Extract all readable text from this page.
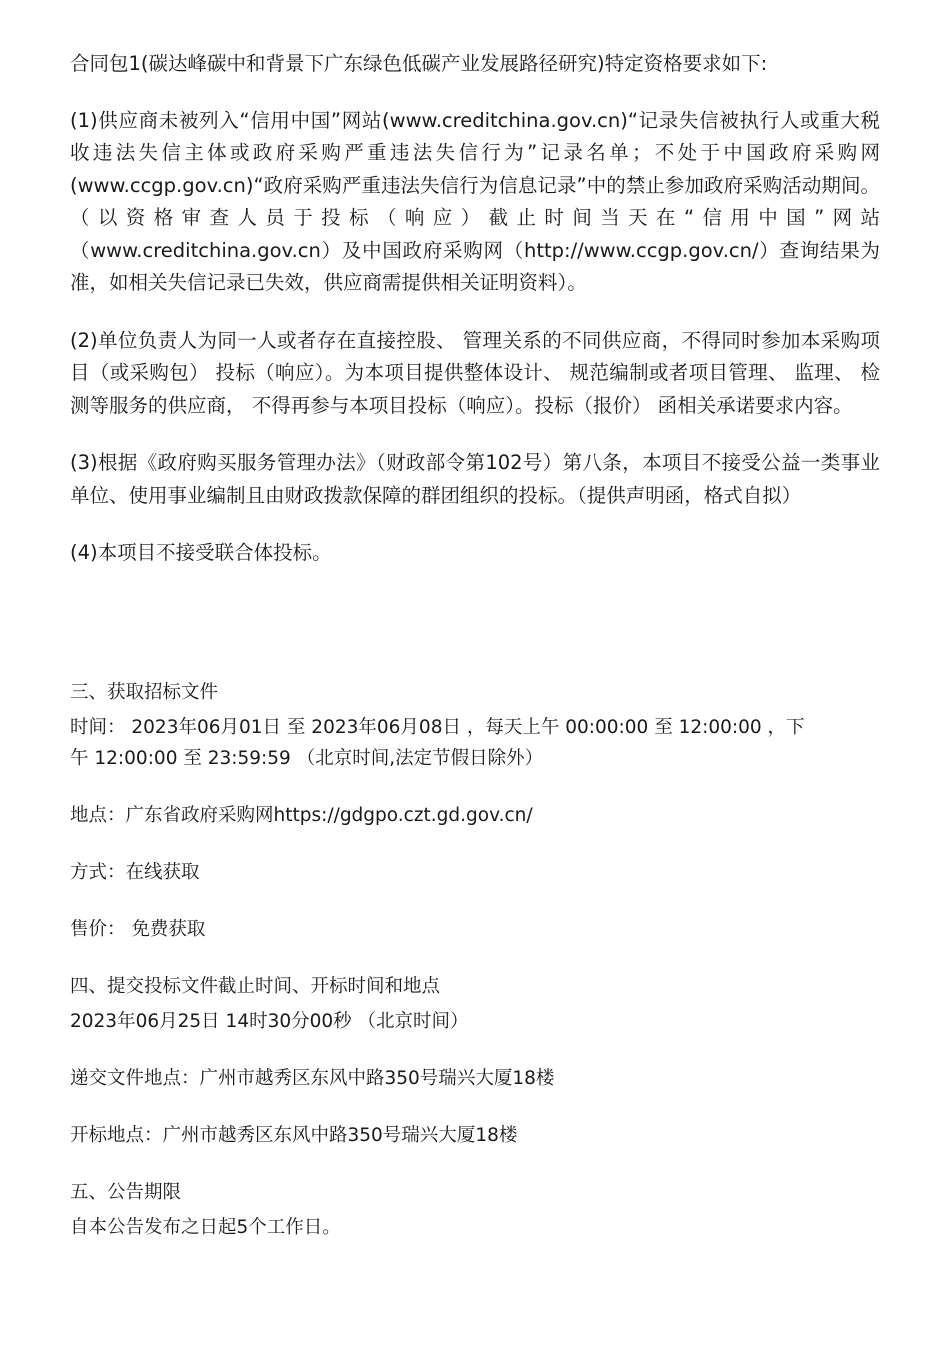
合同包1(碳达峰碳中和背景下广东绿色低碳产业发展路径研究)特定资格要求如下:

(1)供应商未被列入“信用中国”网站(www.creditchina.gov.cn)“记录失信被执行人或重大税收违法失信主体或政府采购严重违法失信行为”记录名单；不处于中国政府采购网(www.ccgp.gov.cn)“政府采购严重违法失信行为信息记录”中的禁止参加政府采购活动期间。（以资格审查人员于投标（响应）截止时间当天在“信用中国”网站（www.creditchina.gov.cn）及中国政府采购网（http://www.ccgp.gov.cn/）查询结果为准，如相关失信记录已失效，供应商需提供相关证明资料）。

(2)单位负责人为同一人或者存在直接控股、 管理关系的不同供应商，不得同时参加本采购项目（或采购包） 投标（响应）。为本项目提供整体设计、 规范编制或者项目管理、 监理、 检测等服务的供应商， 不得再参与本项目投标（响应）。投标（报价） 函相关承诺要求内容。

(3)根据《政府购买服务管理办法》（财政部令第102号）第八条，本项目不接受公益一类事业单位、使用事业编制且由财政拨款保障的群团组织的投标。（提供声明函，格式自拟）

(4)本项目不接受联合体投标。

三、获取招标文件

时间： 2023年06月01日 至 2023年06月08日 ，每天上午 00:00:00 至 12:00:00 ，下午 12:00:00 至 23:59:59 （北京时间,法定节假日除外）

地点：广东省政府采购网https://gdgpo.czt.gd.gov.cn/

方式：在线获取

售价： 免费获取

四、提交投标文件截止时间、开标时间和地点

2023年06月25日 14时30分00秒 （北京时间）

递交文件地点：广州市越秀区东风中路350号瑞兴大厦18楼

开标地点：广州市越秀区东风中路350号瑞兴大厦18楼

五、公告期限

自本公告发布之日起5个工作日。
